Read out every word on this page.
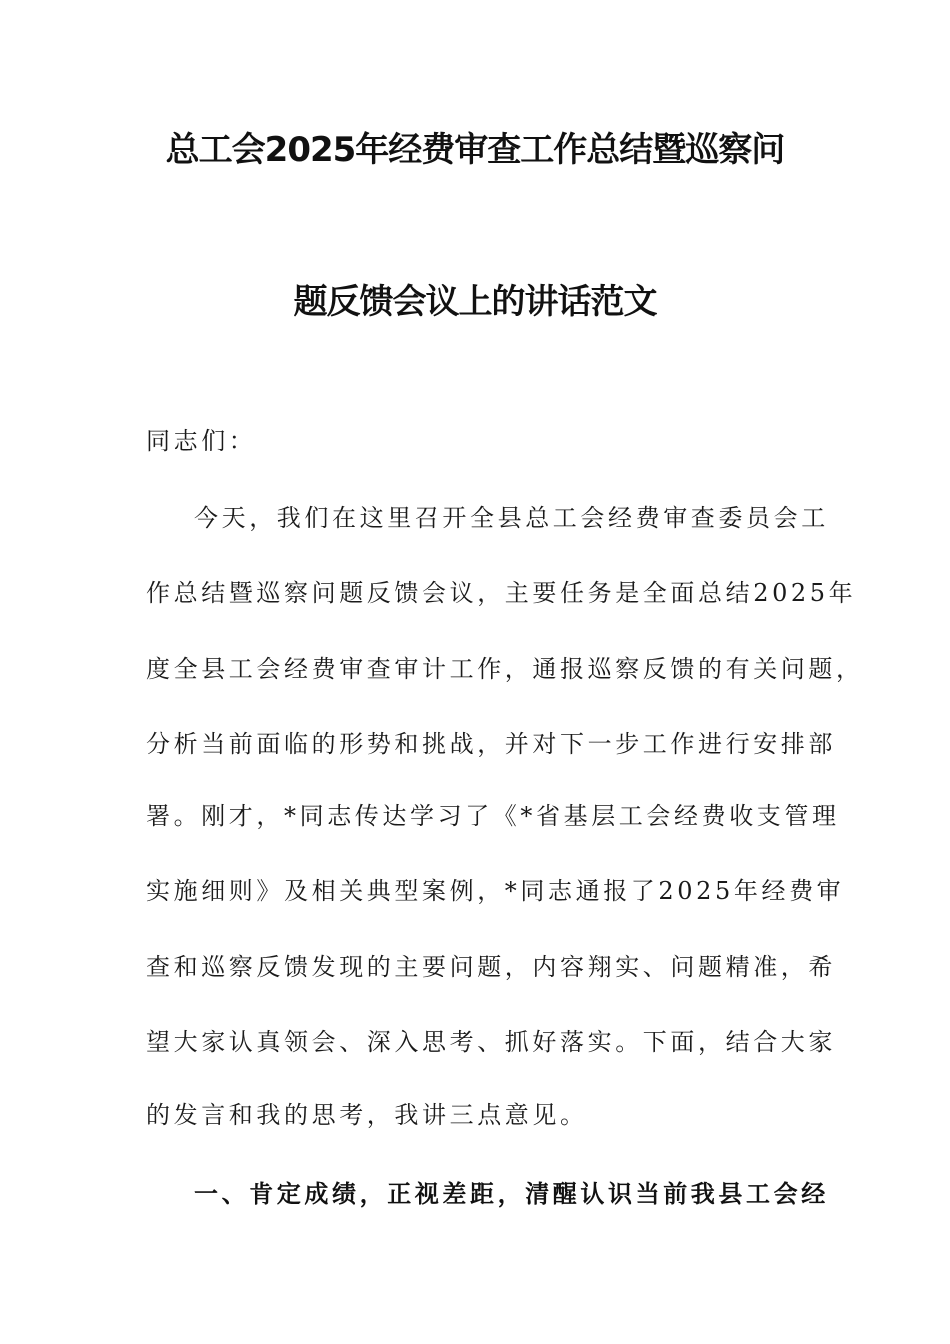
总工会2025年经费审查工作总结暨巡察问
题反馈会议上的讲话范文
同志们：
今天，我们在这里召开全县总工会经费审查委员会工
作总结暨巡察问题反馈会议，主要任务是全面总结2025年
度全县工会经费审查审计工作，通报巡察反馈的有关问题，
分析当前面临的形势和挑战，并对下一步工作进行安排部
署。刚才，*同志传达学习了《*省基层工会经费收支管理
实施细则》及相关典型案例，*同志通报了2025年经费审
查和巡察反馈发现的主要问题，内容翔实、问题精准，希
望大家认真领会、深入思考、抓好落实。下面，结合大家
的发言和我的思考，我讲三点意见。
一、肯定成绩，正视差距，清醒认识当前我县工会经
